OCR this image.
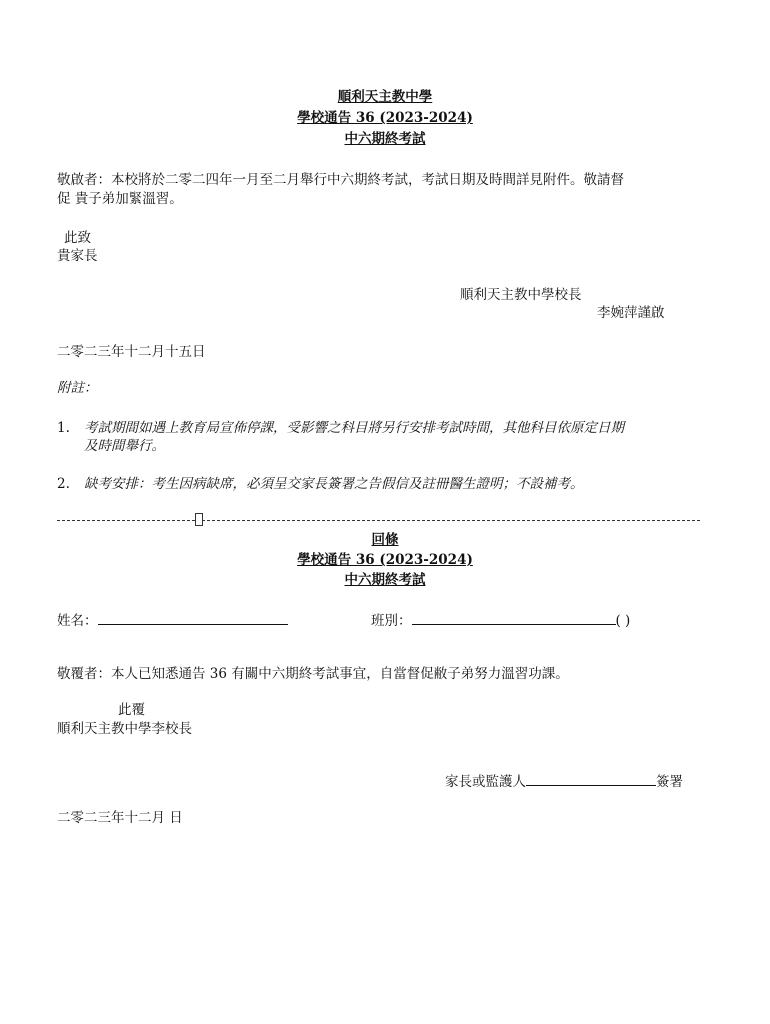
順利天主教中學
學校通告 36 (2023-2024)
中六期終考試
敬啟者：本校將於二零二四年一月至二月舉行中六期終考試，考試日期及時間詳見附件。敬請督
促 貴子弟加緊溫習。
此致
貴家長
順利天主教中學校長
李婉萍謹啟
二零二三年十二月十五日
附註：
1. 考試期間如遇上教育局宣佈停課，受影響之科目將另行安排考試時間，其他科目依原定日期
及時間舉行。
2. 缺考安排：考生因病缺席，必須呈交家長簽署之告假信及註冊醫生證明；不設補考。
回條
學校通告 36 (2023-2024)
中六期終考試
姓名：	班別：	( )
敬覆者：本人已知悉通告 36 有關中六期終考試事宜，自當督促敝子弟努力溫習功課。
此覆
順利天主教中學李校長
家長或監護人	簽署
二零二三年十二月 日
